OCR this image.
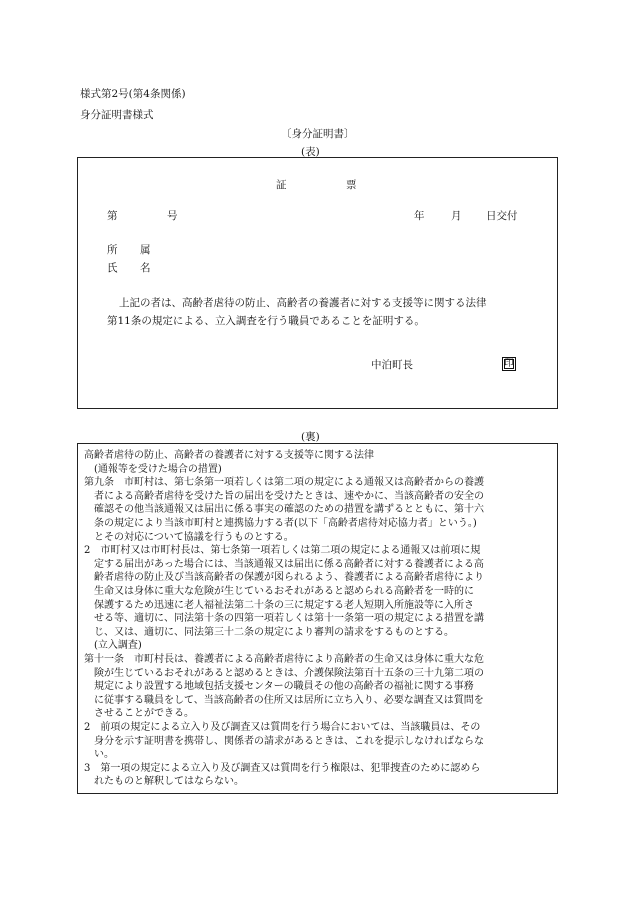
様式第2号(第4条関係)
身分証明書様式
〔身分証明書〕
(表)
証	票
第	号	年	月 日交付
所 属
氏 名
上記の者は、高齢者虐待の防止、高齢者の養護者に対する支援等に関する法律
第11条の規定による、立入調査を行う職員であることを証明する。
中泊町長	印
(裏)

高齢者虐待の防止、高齢者の養護者に対する支援等に関する法律

(通報等を受けた場合の措置)

第九条　市町村は、第七条第一項若しくは第二項の規定による通報又は高齢者からの養護

者による高齢者虐待を受けた旨の届出を受けたときは、速やかに、当該高齢者の安全の

確認その他当該通報又は届出に係る事実の確認のための措置を講ずるとともに、第十六

条の規定により当該市町村と連携協力する者(以下「高齢者虐待対応協力者」という。)

とその対応について協議を行うものとする。

2　市町村又は市町村長は、第七条第一項若しくは第二項の規定による通報又は前項に規

定する届出があった場合には、当該通報又は届出に係る高齢者に対する養護者による高

齢者虐待の防止及び当該高齢者の保護が図られるよう、養護者による高齢者虐待により

生命又は身体に重大な危険が生じているおそれがあると認められる高齢者を一時的に

保護するため迅速に老人福祉法第二十条の三に規定する老人短期入所施設等に入所さ

せる等、適切に、同法第十条の四第一項若しくは第十一条第一項の規定による措置を講

じ、又は、適切に、同法第三十二条の規定により審判の請求をするものとする。

(立入調査)

第十一条　市町村長は、養護者による高齢者虐待により高齢者の生命又は身体に重大な危

険が生じているおそれがあると認めるときは、介護保険法第百十五条の三十九第二項の

規定により設置する地域包括支援センターの職員その他の高齢者の福祉に関する事務

に従事する職員をして、当該高齢者の住所又は居所に立ち入り、必要な調査又は質問を

させることができる。

2　前項の規定による立入り及び調査又は質問を行う場合においては、当該職員は、その

身分を示す証明書を携帯し、関係者の請求があるときは、これを提示しなければならな

い。

3　第一項の規定による立入り及び調査又は質問を行う権限は、犯罪捜査のために認めら

れたものと解釈してはならない。
